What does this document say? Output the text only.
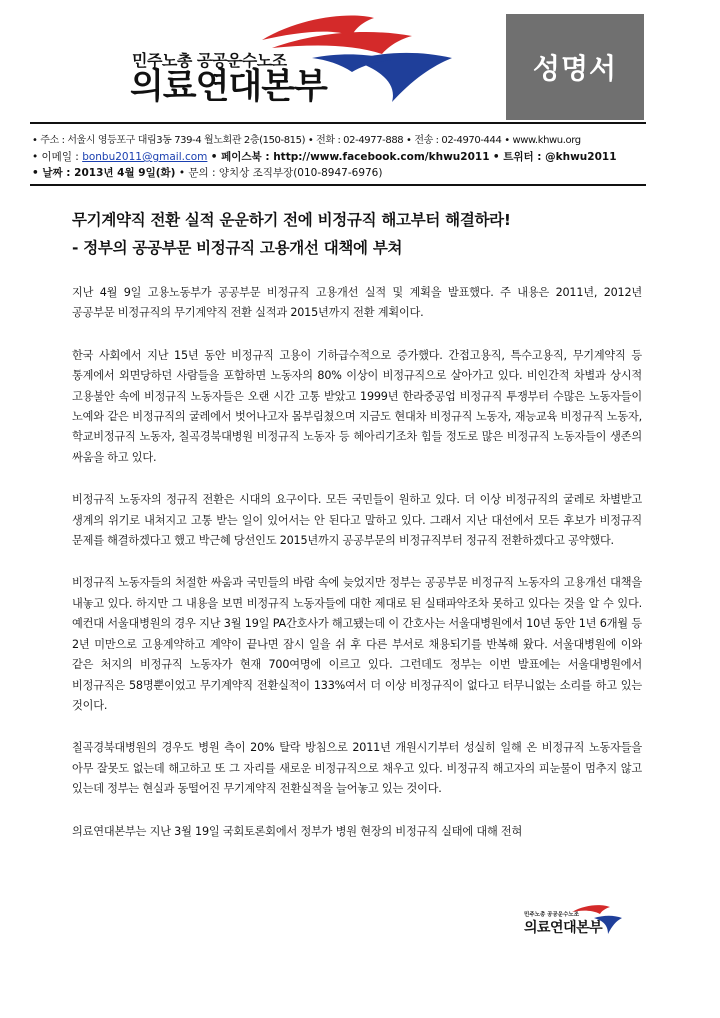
민주노총 공공운수노조
의료연대본부	성명서
• 주소 : 서울시 영등포구 대림3동 739-4 월노회관 2층(150-815) • 전화 : 02-4977-888 • 전송 : 02-4970-444 • www.khwu.org
• 이메일 : bonbu2011@gmail.com • 페이스북 : http://www.facebook.com/khwu2011 • 트위터 : @khwu2011
• 날짜 : 2013년 4월 9일(화) • 문의 : 양치상 조직부장(010-8947-6976)
무기계약직 전환 실적 운운하기 전에 비정규직 해고부터 해결하라!
- 정부의 공공부문 비정규직 고용개선 대책에 부쳐

지난 4월 9일 고용노동부가 공공부문 비정규직 고용개선 실적 및 계획을 발표했다. 주 내용은 2011년, 2012년 공공부문 비정규직의 무기계약직 전환 실적과 2015년까지 전환 계획이다.

한국 사회에서 지난 15년 동안 비정규직 고용이 기하급수적으로 증가했다. 간접고용직, 특수고용직, 무기계약직 등 통계에서 외면당하던 사람들을 포함하면 노동자의 80% 이상이 비정규직으로 살아가고 있다. 비인간적 차별과 상시적 고용불안 속에 비정규직 노동자들은 오랜 시간 고통 받았고 1999년 한라중공업 비정규직 투쟁부터 수많은 노동자들이 노예와 같은 비정규직의 굴레에서 벗어나고자 몸부림쳤으며 지금도 현대차 비정규직 노동자, 재능교육 비정규직 노동자, 학교비정규직 노동자, 칠곡경북대병원 비정규직 노동자 등 헤아리기조차 힘들 정도로 많은 비정규직 노동자들이 생존의 싸움을 하고 있다.

비정규직 노동자의 정규직 전환은 시대의 요구이다. 모든 국민들이 원하고 있다. 더 이상 비정규직의 굴레로 차별받고 생계의 위기로 내쳐지고 고통 받는 일이 있어서는 안 된다고 말하고 있다. 그래서 지난 대선에서 모든 후보가 비정규직 문제를 해결하겠다고 했고 박근혜 당선인도 2015년까지 공공부문의 비정규직부터 정규직 전환하겠다고 공약했다.

비정규직 노동자들의 처절한 싸움과 국민들의 바람 속에 늦었지만 정부는 공공부문 비정규직 노동자의 고용개선 대책을 내놓고 있다. 하지만 그 내용을 보면 비정규직 노동자들에 대한 제대로 된 실태파악조차 못하고 있다는 것을 알 수 있다. 예컨대 서울대병원의 경우 지난 3월 19일 PA간호사가 해고됐는데 이 간호사는 서울대병원에서 10년 동안 1년 6개월 등 2년 미만으로 고용계약하고 계약이 끝나면 잠시 일을 쉬 후 다른 부서로 채용되기를 반복해 왔다. 서울대병원에 이와 같은 처지의 비정규직 노동자가 현재 700여명에 이르고 있다. 그런데도 정부는 이번 발표에는 서울대병원에서 비정규직은 58명뿐이었고 무기계약직 전환실적이 133%여서 더 이상 비정규직이 없다고 터무니없는 소리를 하고 있는 것이다.

칠곡경북대병원의 경우도 병원 측이 20% 탈락 방침으로 2011년 개원시기부터 성실히 일해 온 비정규직 노동자들을 아무 잘못도 없는데 해고하고 또 그 자리를 새로운 비정규직으로 채우고 있다. 비정규직 해고자의 피눈물이 멈추지 않고 있는데 정부는 현실과 동떨어진 무기계약직 전환실적을 늘어놓고 있는 것이다.

의료연대본부는 지난 3월 19일 국회토론회에서 정부가 병원 현장의 비정규직 실태에 대해 전혀

민주노총 공공운수노조
의료연대본부
